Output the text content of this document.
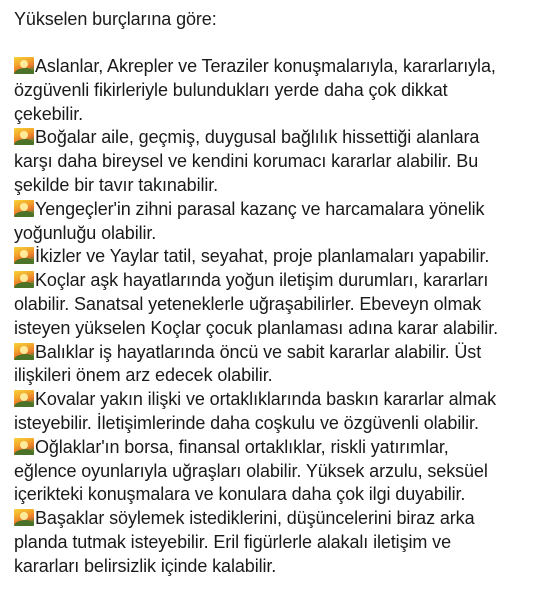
Yükselen burçlarına göre:

Aslanlar, Akrepler ve Teraziler konuşmalarıyla, kararlarıyla,
özgüvenli fikirleriyle bulundukları yerde daha çok dikkat
çekebilir.

Boğalar aile, geçmiş, duygusal bağlılık hissettiği alanlara
karşı daha bireysel ve kendini korumacı kararlar alabilir. Bu
şekilde bir tavır takınabilir.

Yengeçler'in zihni parasal kazanç ve harcamalara yönelik
yoğunluğu olabilir.

İkizler ve Yaylar tatil, seyahat, proje planlamaları yapabilir.

Koçlar aşk hayatlarında yoğun iletişim durumları, kararları
olabilir. Sanatsal yeteneklerle uğraşabilirler. Ebeveyn olmak
isteyen yükselen Koçlar çocuk planlaması adına karar alabilir.

Balıklar iş hayatlarında öncü ve sabit kararlar alabilir. Üst
ilişkileri önem arz edecek olabilir.

Kovalar yakın ilişki ve ortaklıklarında baskın kararlar almak
isteyebilir. İletişimlerinde daha coşkulu ve özgüvenli olabilir.

Oğlaklar'ın borsa, finansal ortaklıklar, riskli yatırımlar,
eğlence oyunlarıyla uğraşları olabilir. Yüksek arzulu, seksüel
içerikteki konuşmalara ve konulara daha çok ilgi duyabilir.

Başaklar söylemek istediklerini, düşüncelerini biraz arka
planda tutmak isteyebilir. Eril figürlerle alakalı iletişim ve
kararları belirsizlik içinde kalabilir.
